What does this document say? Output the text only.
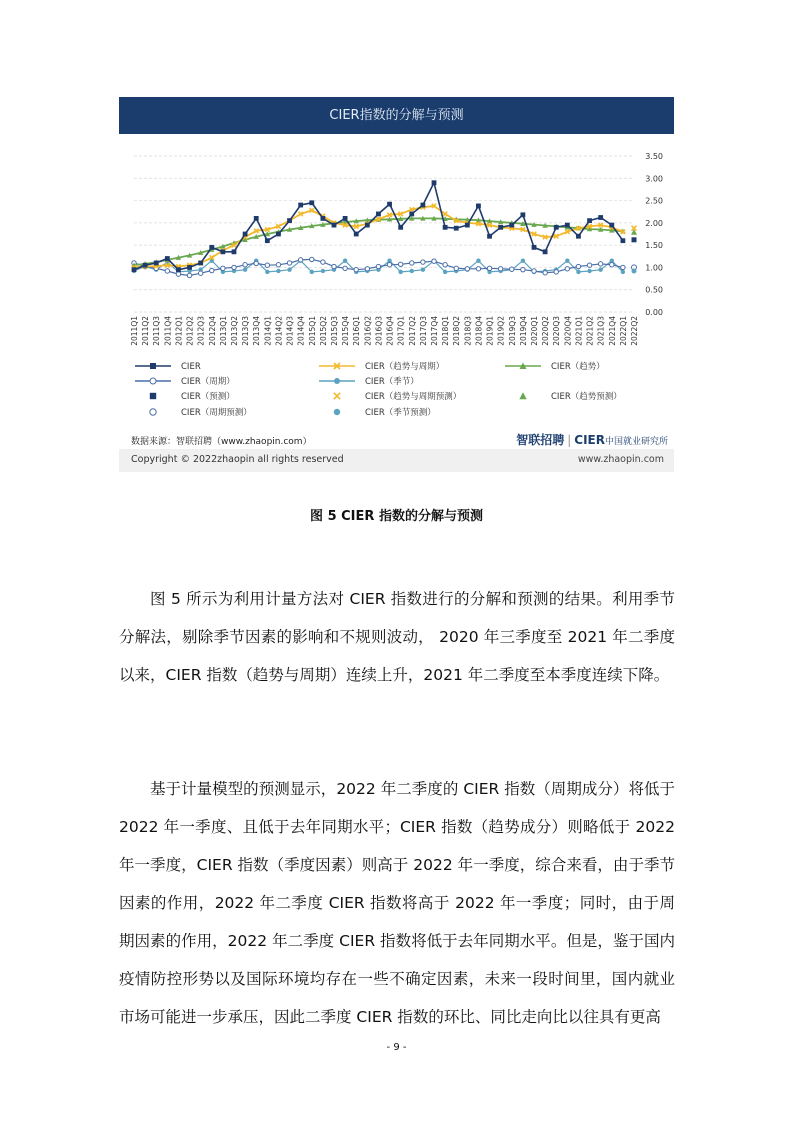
CIER指数的分解与预测
3.50
3.00
2.50
2.00
1.50
1.00
0.50
0.00
2011Q1 2011Q2 2011Q3 2011Q4 2012Q1 2012Q2 2012Q3 2012Q4 2013Q1 2013Q2 2013Q3 2013Q4 2014Q1 2014Q2 2014Q3 2014Q4 2015Q1 2015Q2 2015Q3 2015Q4 2016Q1 2016Q2 2016Q3 2016Q4 2017Q1 2017Q2 2017Q3 2017Q4 2018Q1 2018Q2 2018Q3 2018Q4 2019Q1 2019Q2 2019Q3 2019Q4 2020Q1 2020Q2 2020Q3 2020Q4 2021Q1 2021Q2 2021Q3 2021Q4 2022Q1 2022Q2
CIER	CIER（趋势与周期）	CIER（趋势）
CIER（周期）	CIER（季节）
CIER（预测）	CIER（趋势与周期预测）	CIER（趋势预测）
CIER（周期预测）	CIER（季节预测）
数据来源：智联招聘（www.zhaopin.com）	智联招聘 | CIER中国就业研究所
Copyright © 2022zhaopin all rights reserved	www.zhaopin.com
图 5 CIER 指数的分解与预测

图 5 所示为利用计量方法对 CIER 指数进行的分解和预测的结果。利用季节分解法，剔除季节因素的影响和不规则波动， 2020 年三季度至 2021 年二季度以来，CIER 指数（趋势与周期）连续上升，2021 年二季度至本季度连续下降。

基于计量模型的预测显示，2022 年二季度的 CIER 指数（周期成分）将低于 2022 年一季度、且低于去年同期水平；CIER 指数（趋势成分）则略低于 2022 年一季度，CIER 指数（季度因素）则高于 2022 年一季度，综合来看，由于季节因素的作用，2022 年二季度 CIER 指数将高于 2022 年一季度；同时，由于周期因素的作用，2022 年二季度 CIER 指数将低于去年同期水平。但是，鉴于国内疫情防控形势以及国际环境均存在一些不确定因素，未来一段时间里，国内就业市场可能进一步承压，因此二季度 CIER 指数的环比、同比走向比以往具有更高

- 9 -
